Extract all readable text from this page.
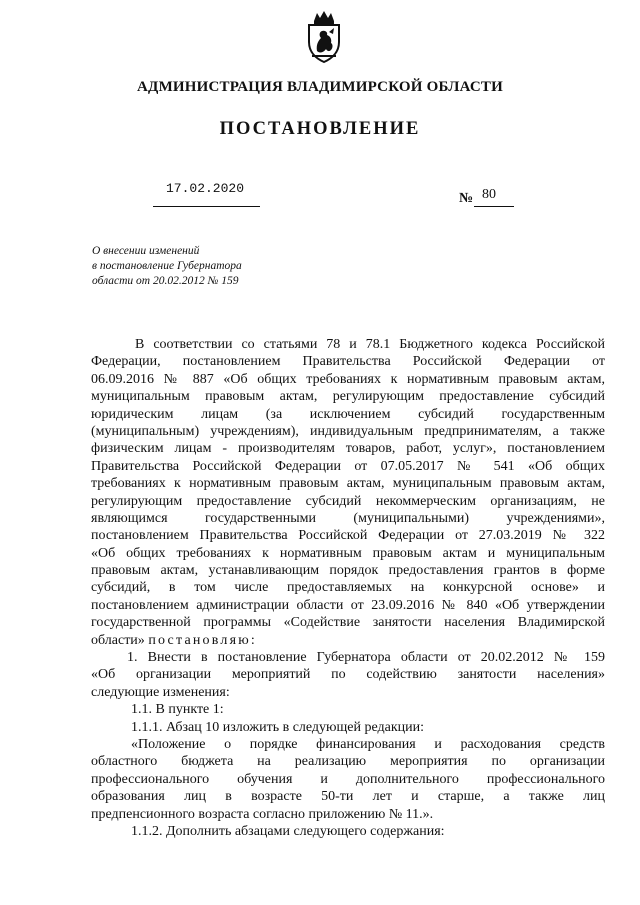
АДМИНИСТРАЦИЯ ВЛАДИМИРСКОЙ ОБЛАСТИ
ПОСТАНОВЛЕНИЕ
17.02.2020
№ 80
О внесении изменений
в постановление Губернатора
области от 20.02.2012 № 159
В соответствии со статьями 78 и 78.1 Бюджетного кодекса Российской
Федерации, постановлением Правительства Российской Федерации от
06.09.2016 № 887 «Об общих требованиях к нормативным правовым актам,
муниципальным правовым актам, регулирующим предоставление субсидий
юридическим лицам (за исключением субсидий государственным
(муниципальным) учреждениям), индивидуальным предпринимателям, а также
физическим лицам - производителям товаров, работ, услуг», постановлением
Правительства Российской Федерации от 07.05.2017 № 541 «Об общих
требованиях к нормативным правовым актам, муниципальным правовым актам,
регулирующим предоставление субсидий некоммерческим организациям, не
являющимся государственными (муниципальными) учреждениями»,
постановлением Правительства Российской Федерации от 27.03.2019 № 322
«Об общих требованиях к нормативным правовым актам и муниципальным
правовым актам, устанавливающим порядок предоставления грантов в форме
субсидий, в том числе предоставляемых на конкурсной основе» и
постановлением администрации области от 23.09.2016 № 840 «Об утверждении
государственной программы «Содействие занятости населения Владимирской
области» постановляю:
1. Внести в постановление Губернатора области от 20.02.2012 № 159
«Об организации мероприятий по содействию занятости населения»
следующие изменения:
1.1. В пункте 1:
1.1.1. Абзац 10 изложить в следующей редакции:
«Положение о порядке финансирования и расходования средств
областного бюджета на реализацию мероприятия по организации
профессионального обучения и дополнительного профессионального
образования лиц в возрасте 50-ти лет и старше, а также лиц
предпенсионного возраста согласно приложению № 11.».
1.1.2. Дополнить абзацами следующего содержания:
